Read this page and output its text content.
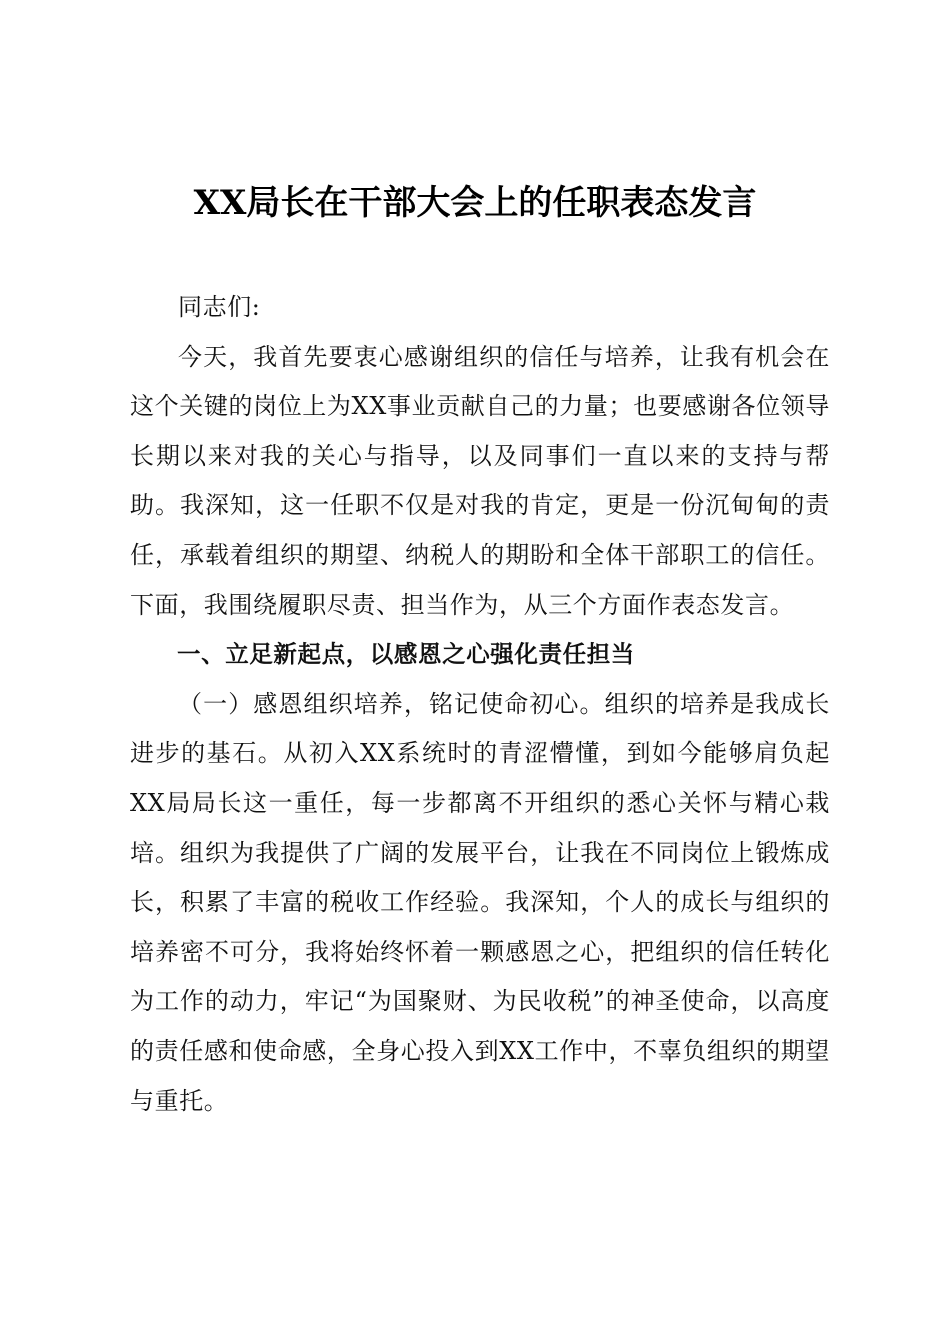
XX局长在干部大会上的任职表态发言

同志们:

今天，我首先要衷心感谢组织的信任与培养，让我有机会在这个关键的岗位上为XX事业贡献自己的力量；也要感谢各位领导长期以来对我的关心与指导，以及同事们一直以来的支持与帮助。我深知，这一任职不仅是对我的肯定，更是一份沉甸甸的责任，承载着组织的期望、纳税人的期盼和全体干部职工的信任。下面，我围绕履职尽责、担当作为，从三个方面作表态发言。

一、立足新起点，以感恩之心强化责任担当

（一）感恩组织培养，铭记使命初心。组织的培养是我成长进步的基石。从初入XX系统时的青涩懵懂，到如今能够肩负起XX局局长这一重任，每一步都离不开组织的悉心关怀与精心栽培。组织为我提供了广阔的发展平台，让我在不同岗位上锻炼成长，积累了丰富的税收工作经验。我深知，个人的成长与组织的培养密不可分，我将始终怀着一颗感恩之心，把组织的信任转化为工作的动力，牢记“为国聚财、为民收税”的神圣使命，以高度的责任感和使命感，全身心投入到XX工作中，不辜负组织的期望与重托。
